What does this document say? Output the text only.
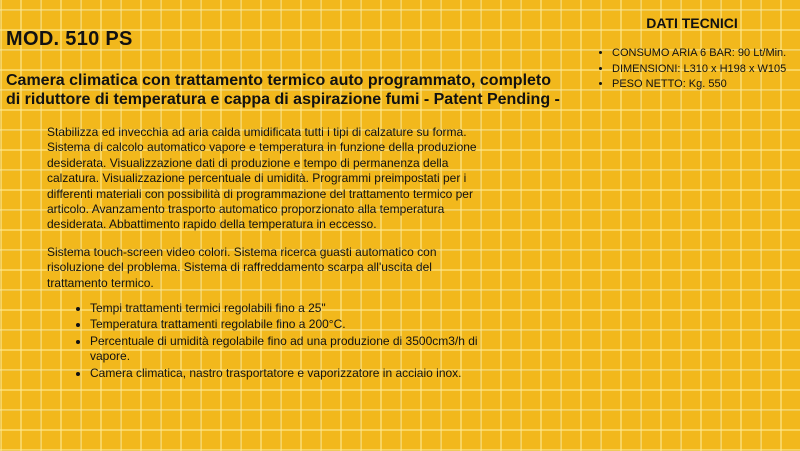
MOD. 510 PS
Camera climatica con trattamento termico auto programmato, completo di riduttore di temperatura e cappa di aspirazione fumi - Patent Pending -

Stabilizza ed invecchia ad aria calda umidificata tutti i tipi di calzature su forma. Sistema di calcolo automatico vapore e temperatura in funzione della produzione desiderata. Visualizzazione dati di produzione e tempo di permanenza della calzatura. Visualizzazione percentuale di umidità. Programmi preimpostati per i differenti materiali con possibilità di programmazione del trattamento termico per articolo. Avanzamento trasporto automatico proporzionato alla temperatura desiderata. Abbattimento rapido della temperatura in eccesso.

Sistema touch-screen video colori. Sistema ricerca guasti automatico con risoluzione del problema. Sistema di raffreddamento scarpa all'uscita del trattamento termico.

• Tempi trattamenti termici regolabili fino a 25"
• Temperatura trattamenti regolabile fino a 200°C.
• Percentuale di umidità regolabile fino ad una produzione di 3500cm3/h di vapore.
• Camera climatica, nastro trasportatore e vaporizzatore in acciaio inox.
DATI TECNICI
• CONSUMO ARIA 6 BAR: 90 Lt/Min.
• DIMENSIONI: L310 x H198 x W105
• PESO NETTO: Kg. 550
